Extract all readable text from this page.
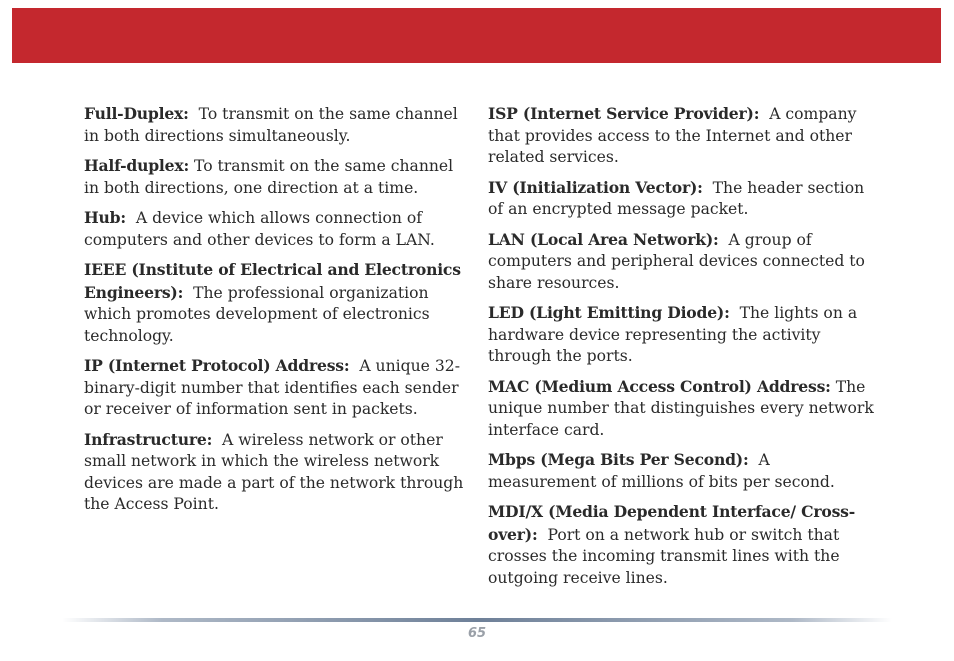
Full-Duplex: To transmit on the same channel in both directions simultaneously.

Half-duplex: To transmit on the same channel in both directions, one direction at a time.

Hub: A device which allows connection of computers and other devices to form a LAN.

IEEE (Institute of Electrical and Electronics Engineers): The professional organization which promotes development of electronics technology.

IP (Internet Protocol) Address: A unique 32-binary-digit number that identifies each sender or receiver of information sent in packets.

Infrastructure: A wireless network or other small network in which the wireless network devices are made a part of the network through the Access Point.

ISP (Internet Service Provider): A company that provides access to the Internet and other related services.

IV (Initialization Vector): The header section of an encrypted message packet.

LAN (Local Area Network): A group of computers and peripheral devices connected to share resources.

LED (Light Emitting Diode): The lights on a hardware device representing the activity through the ports.

MAC (Medium Access Control) Address: The unique number that distinguishes every network interface card.

Mbps (Mega Bits Per Second): A measurement of millions of bits per second.

MDI/X (Media Dependent Interface/ Cross-over): Port on a network hub or switch that crosses the incoming transmit lines with the outgoing receive lines.

65
